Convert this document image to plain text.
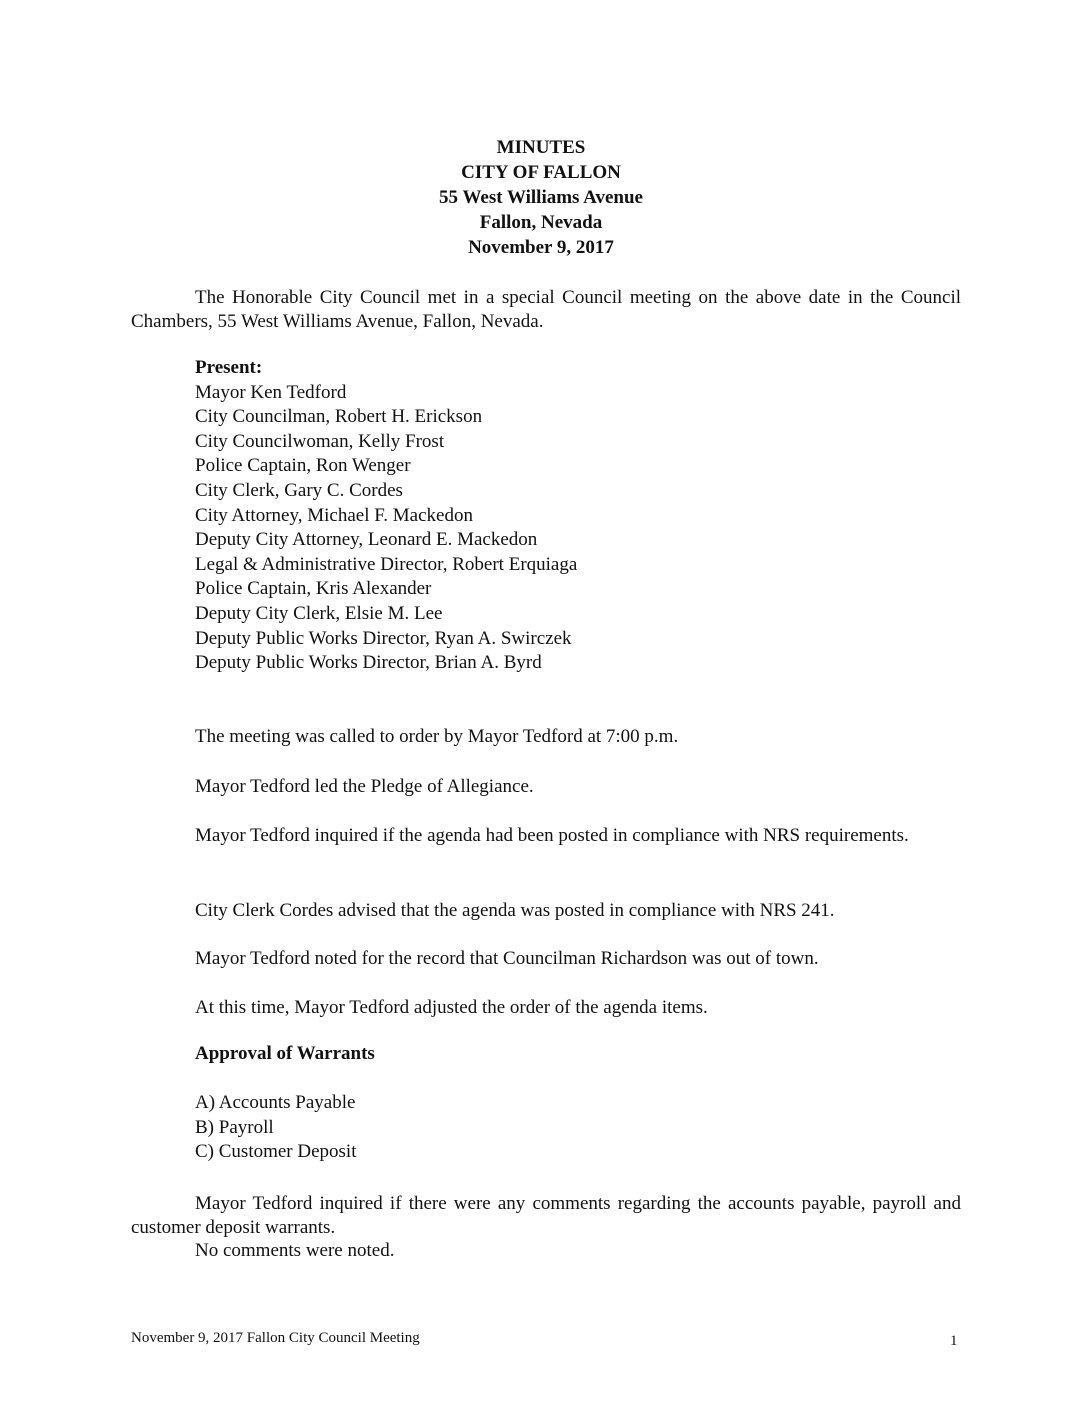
MINUTES
CITY OF FALLON
55 West Williams Avenue
Fallon, Nevada
November 9, 2017
The Honorable City Council met in a special Council meeting on the above date in the Council Chambers, 55 West Williams Avenue, Fallon, Nevada.
Present:
Mayor Ken Tedford
City Councilman, Robert H. Erickson
City Councilwoman, Kelly Frost
Police Captain, Ron Wenger
City Clerk, Gary C. Cordes
City Attorney, Michael F. Mackedon
Deputy City Attorney, Leonard E. Mackedon
Legal & Administrative Director, Robert Erquiaga
Police Captain, Kris Alexander
Deputy City Clerk, Elsie M. Lee
Deputy Public Works Director, Ryan A. Swirczek
Deputy Public Works Director, Brian A. Byrd
The meeting was called to order by Mayor Tedford at 7:00 p.m.
Mayor Tedford led the Pledge of Allegiance.
Mayor Tedford inquired if the agenda had been posted in compliance with NRS requirements.
City Clerk Cordes advised that the agenda was posted in compliance with NRS 241.
Mayor Tedford noted for the record that Councilman Richardson was out of town.
At this time, Mayor Tedford adjusted the order of the agenda items.
Approval of Warrants
A) Accounts Payable
B) Payroll
C) Customer Deposit
Mayor Tedford inquired if there were any comments regarding the accounts payable, payroll and customer deposit warrants.
No comments were noted.
November 9, 2017 Fallon City Council Meeting	1
